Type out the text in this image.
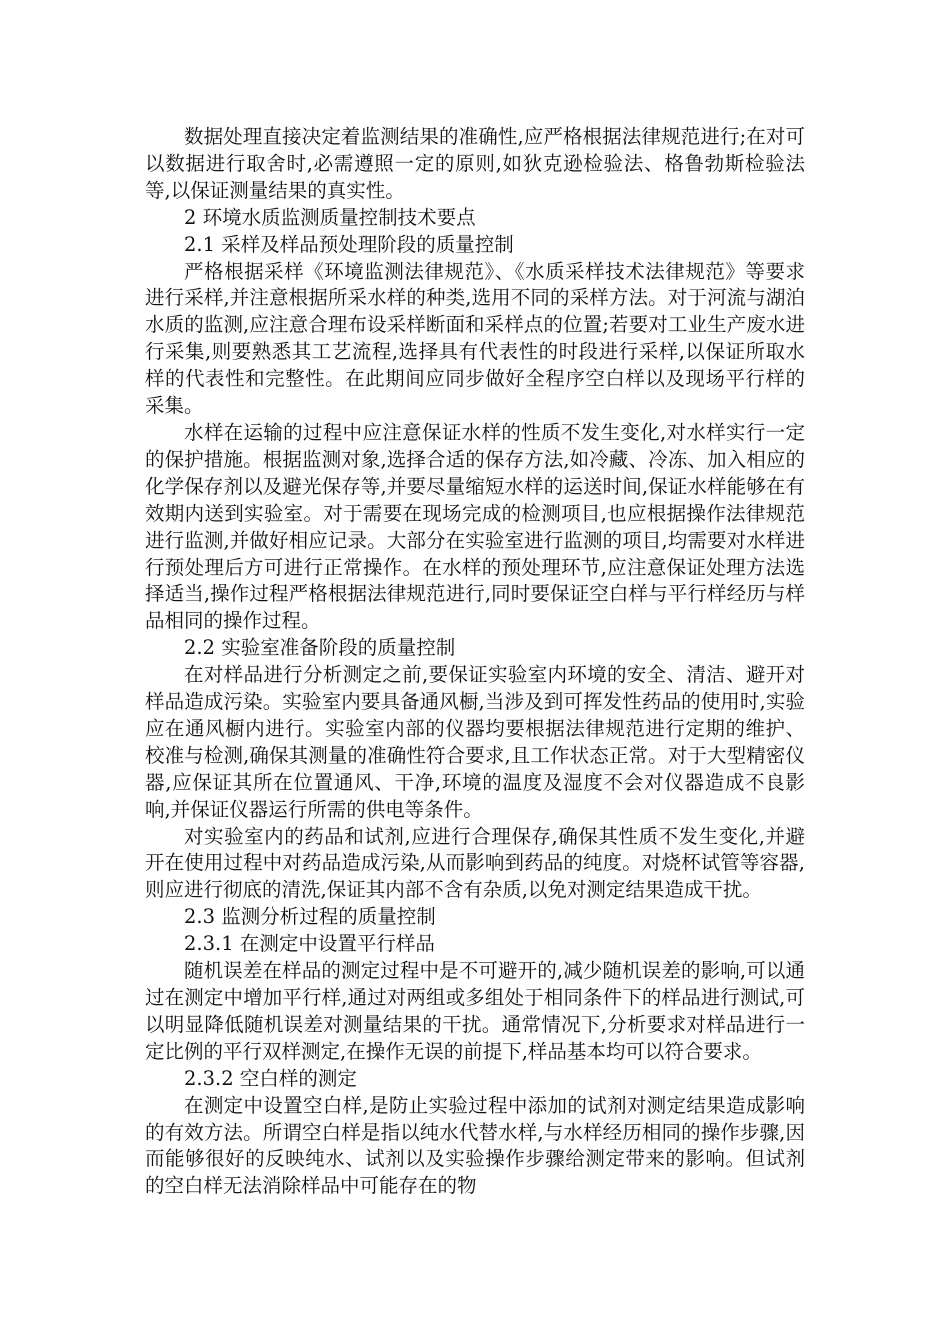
数据处理直接决定着监测结果的准确性,应严格根据法律规范进行;在对可以数据进行取舍时,必需遵照一定的原则,如狄克逊检验法、格鲁勃斯检验法等,以保证测量结果的真实性。

2 环境水质监测质量控制技术要点

2.1 采样及样品预处理阶段的质量控制

严格根据采样《环境监测法律规范》、《水质采样技术法律规范》等要求进行采样,并注意根据所采水样的种类,选用不同的采样方法。对于河流与湖泊水质的监测,应注意合理布设采样断面和采样点的位置;若要对工业生产废水进行采集,则要熟悉其工艺流程,选择具有代表性的时段进行采样,以保证所取水样的代表性和完整性。在此期间应同步做好全程序空白样以及现场平行样的采集。

水样在运输的过程中应注意保证水样的性质不发生变化,对水样实行一定的保护措施。根据监测对象,选择合适的保存方法,如冷藏、冷冻、加入相应的化学保存剂以及避光保存等,并要尽量缩短水样的运送时间,保证水样能够在有效期内送到实验室。对于需要在现场完成的检测项目,也应根据操作法律规范进行监测,并做好相应记录。大部分在实验室进行监测的项目,均需要对水样进行预处理后方可进行正常操作。在水样的预处理环节,应注意保证处理方法选择适当,操作过程严格根据法律规范进行,同时要保证空白样与平行样经历与样品相同的操作过程。

2.2 实验室准备阶段的质量控制

在对样品进行分析测定之前,要保证实验室内环境的安全、清洁、避开对样品造成污染。实验室内要具备通风橱,当涉及到可挥发性药品的使用时,实验应在通风橱内进行。实验室内部的仪器均要根据法律规范进行定期的维护、校准与检测,确保其测量的准确性符合要求,且工作状态正常。对于大型精密仪器,应保证其所在位置通风、干净,环境的温度及湿度不会对仪器造成不良影响,并保证仪器运行所需的供电等条件。

对实验室内的药品和试剂,应进行合理保存,确保其性质不发生变化,并避开在使用过程中对药品造成污染,从而影响到药品的纯度。对烧杯试管等容器,则应进行彻底的清洗,保证其内部不含有杂质,以免对测定结果造成干扰。

2.3 监测分析过程的质量控制

2.3.1 在测定中设置平行样品

随机误差在样品的测定过程中是不可避开的,减少随机误差的影响,可以通过在测定中增加平行样,通过对两组或多组处于相同条件下的样品进行测试,可以明显降低随机误差对测量结果的干扰。通常情况下,分析要求对样品进行一定比例的平行双样测定,在操作无误的前提下,样品基本均可以符合要求。

2.3.2 空白样的测定

在测定中设置空白样,是防止实验过程中添加的试剂对测定结果造成影响的有效方法。所谓空白样是指以纯水代替水样,与水样经历相同的操作步骤,因而能够很好的反映纯水、试剂以及实验操作步骤给测定带来的影响。但试剂的空白样无法消除样品中可能存在的物
